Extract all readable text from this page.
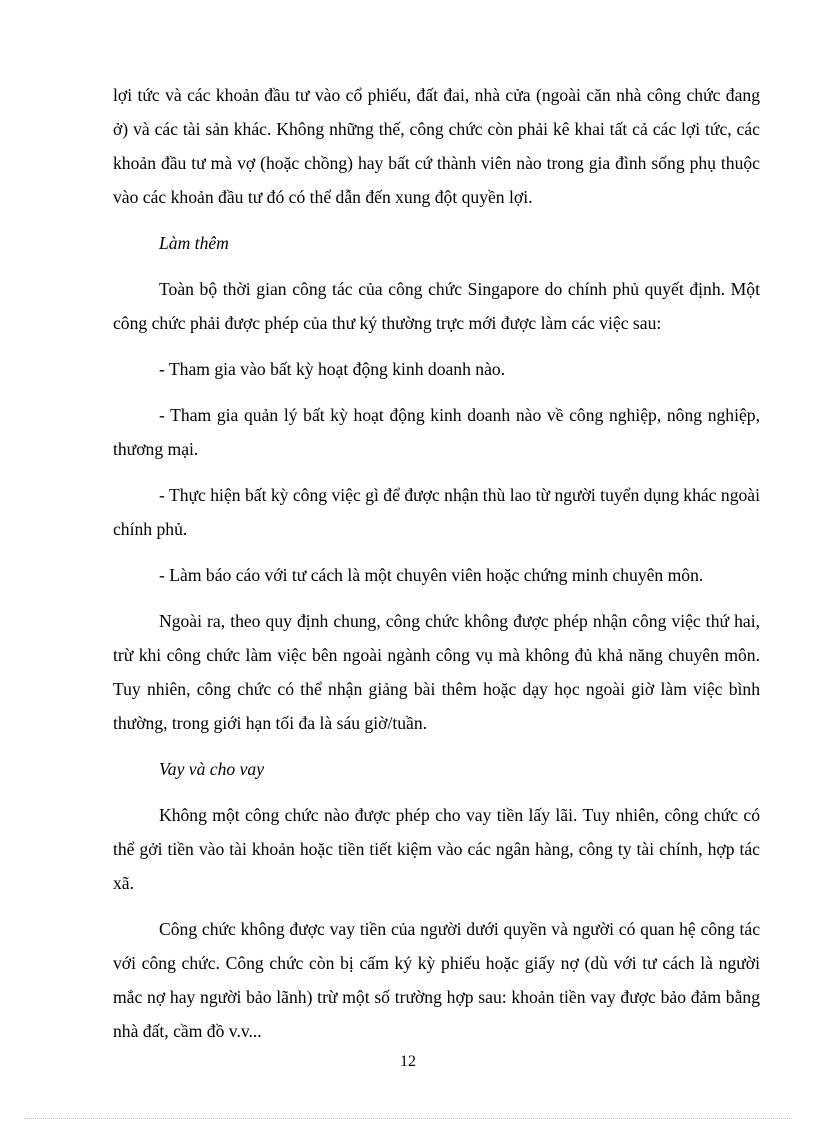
lợi tức và các khoản đầu tư vào cổ phiếu, đất đai, nhà cửa (ngoài căn nhà công chức đang ở) và các tài sản khác. Không những thế, công chức còn phải kê khai tất cả các lợi tức, các khoản đầu tư mà vợ (hoặc chồng) hay bất cứ thành viên nào trong gia đình sống phụ thuộc vào các khoản đầu tư đó có thể dẫn đến xung đột quyền lợi.

Làm thêm

Toàn bộ thời gian công tác của công chức Singapore do chính phủ quyết định. Một công chức phải được phép của thư ký thường trực mới được làm các việc sau:

- Tham gia vào bất kỳ hoạt động kinh doanh nào.

- Tham gia quản lý bất kỳ hoạt động kinh doanh nào về công nghiệp, nông nghiệp, thương mại.

- Thực hiện bất kỳ công việc gì để được nhận thù lao từ người tuyển dụng khác ngoài chính phủ.

- Làm báo cáo với tư cách là một chuyên viên hoặc chứng minh chuyên môn.

Ngoài ra, theo quy định chung, công chức không được phép nhận công việc thứ hai, trừ khi công chức làm việc bên ngoài ngành công vụ mà không đủ khả năng chuyên môn. Tuy nhiên, công chức có thể nhận giảng bài thêm hoặc dạy học ngoài giờ làm việc bình thường, trong giới hạn tối đa là sáu giờ/tuần.

Vay và cho vay

Không một công chức nào được phép cho vay tiền lấy lãi. Tuy nhiên, công chức có thể gởi tiền vào tài khoản hoặc tiền tiết kiệm vào các ngân hàng, công ty tài chính, hợp tác xã.

Công chức không được vay tiền của người dưới quyền và người có quan hệ công tác với công chức. Công chức còn bị cấm ký kỳ phiếu hoặc giấy nợ (dù với tư cách là người mắc nợ hay người bảo lãnh) trừ một số trường hợp sau: khoản tiền vay được bảo đảm bằng nhà đất, cầm đồ v.v...

12
